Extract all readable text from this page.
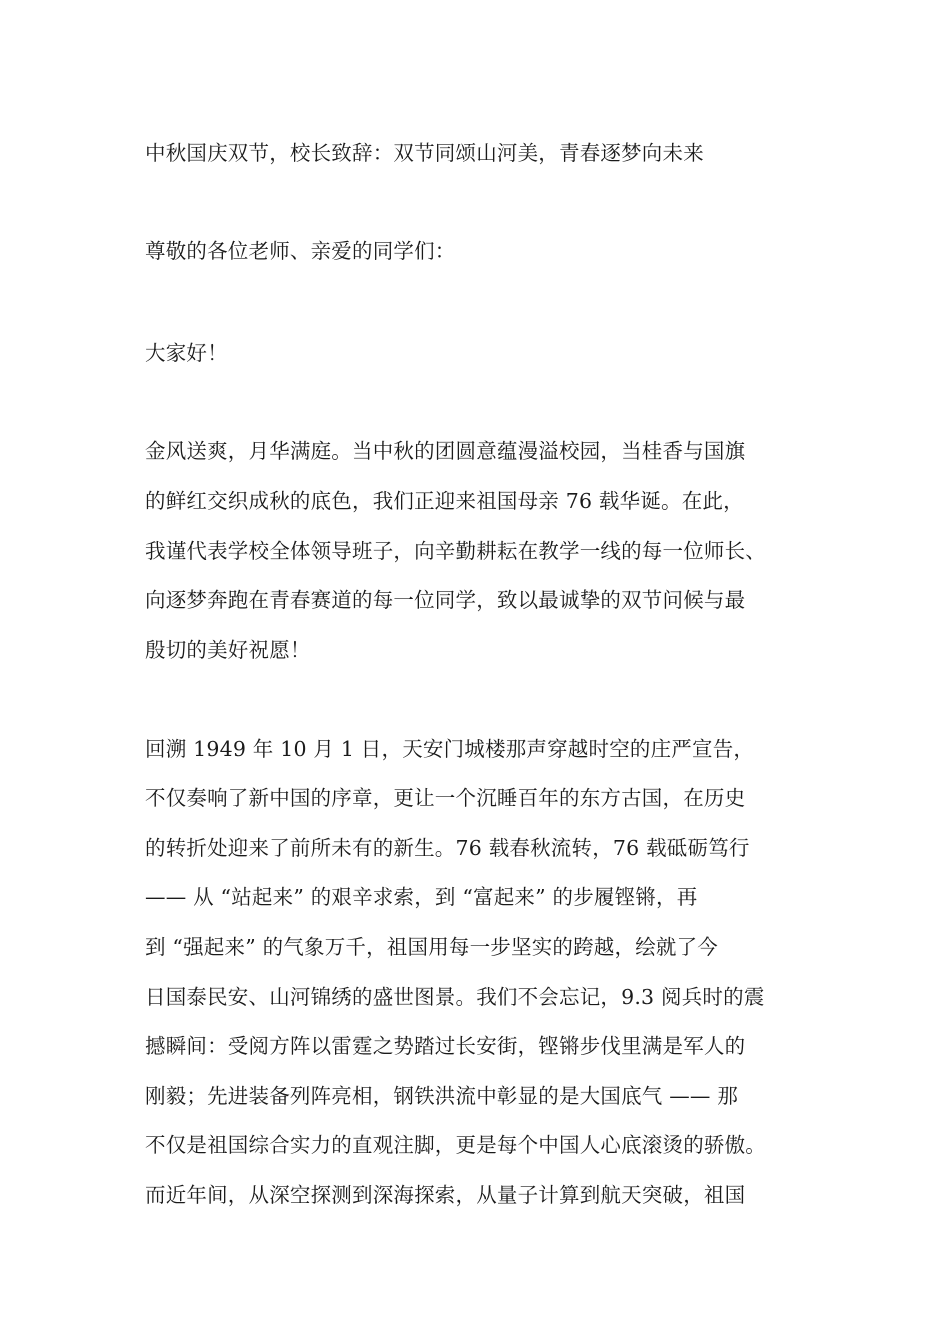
中秋国庆双节，校长致辞：双节同颂山河美，青春逐梦向未来
尊敬的各位老师、亲爱的同学们：
大家好！
金风送爽，月华满庭。当中秋的团圆意蕴漫溢校园，当桂香与国旗
的鲜红交织成秋的底色，我们正迎来祖国母亲 76 载华诞。在此，
我谨代表学校全体领导班子，向辛勤耕耘在教学一线的每一位师长、
向逐梦奔跑在青春赛道的每一位同学，致以最诚挚的双节问候与最
殷切的美好祝愿！
回溯 1949 年 10 月 1 日，天安门城楼那声穿越时空的庄严宣告，
不仅奏响了新中国的序章，更让一个沉睡百年的东方古国，在历史
的转折处迎来了前所未有的新生。76 载春秋流转，76 载砥砺笃行
—— 从 “站起来” 的艰辛求索，到 “富起来” 的步履铿锵，再
到 “强起来” 的气象万千，祖国用每一步坚实的跨越，绘就了今
日国泰民安、山河锦绣的盛世图景。我们不会忘记，9.3 阅兵时的震
撼瞬间：受阅方阵以雷霆之势踏过长安街，铿锵步伐里满是军人的
刚毅；先进装备列阵亮相，钢铁洪流中彰显的是大国底气 —— 那
不仅是祖国综合实力的直观注脚，更是每个中国人心底滚烫的骄傲。
而近年间，从深空探测到深海探索，从量子计算到航天突破，祖国
